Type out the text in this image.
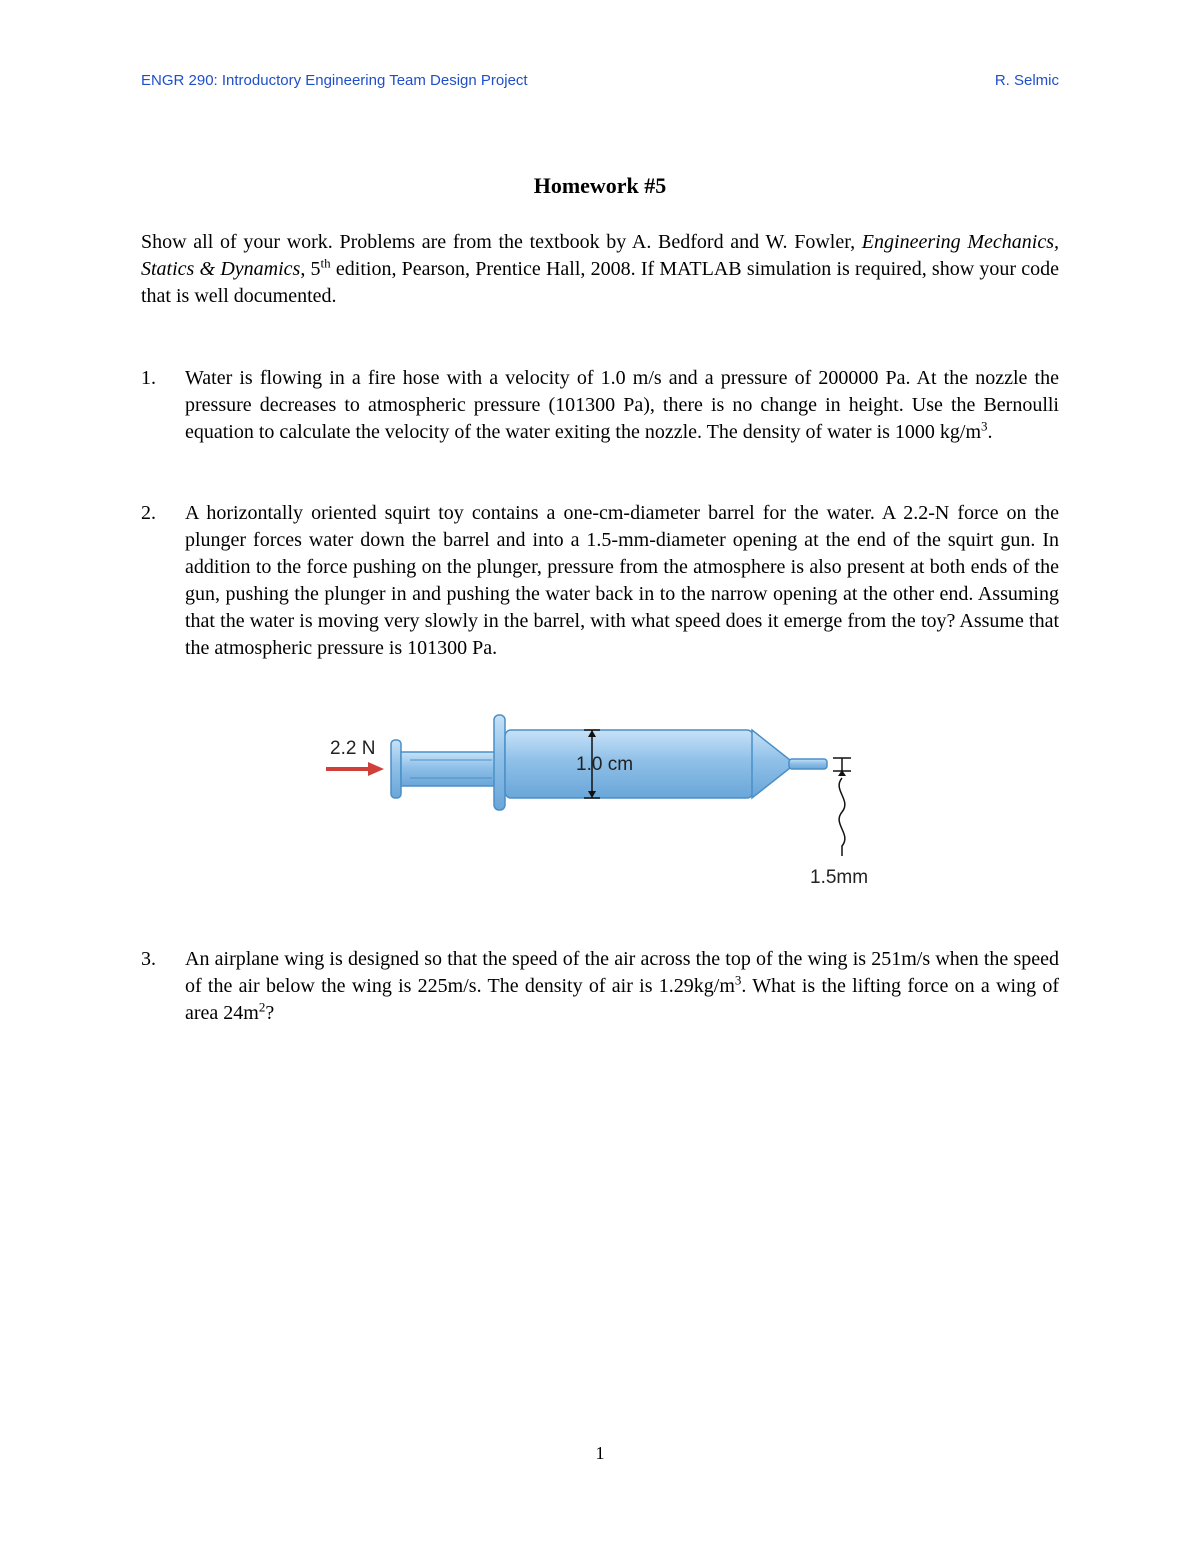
ENGR 290: Introductory Engineering Team Design Project	R. Selmic
Homework #5
Show all of your work. Problems are from the textbook by A. Bedford and W. Fowler, Engineering Mechanics, Statics & Dynamics, 5th edition, Pearson, Prentice Hall, 2008. If MATLAB simulation is required, show your code that is well documented.
1. Water is flowing in a fire hose with a velocity of 1.0 m/s and a pressure of 200000 Pa. At the nozzle the pressure decreases to atmospheric pressure (101300 Pa), there is no change in height. Use the Bernoulli equation to calculate the velocity of the water exiting the nozzle. The density of water is 1000 $kg/m^3$.
2. A horizontally oriented squirt toy contains a one-cm-diameter barrel for the water. A 2.2-N force on the plunger forces water down the barrel and into a 1.5-mm-diameter opening at the end of the squirt gun. In addition to the force pushing on the plunger, pressure from the atmosphere is also present at both ends of the gun, pushing the plunger in and pushing the water back in to the narrow opening at the other end. Assuming that the water is moving very slowly in the barrel, with what speed does it emerge from the toy? Assume that the atmospheric pressure is 101300 Pa.
2.2 N
1.0 cm
1.5mm
3. An airplane wing is designed so that the speed of the air across the top of the wing is 251m/s when the speed of the air below the wing is 225m/s. The density of air is $1.29kg/m^3$. What is the lifting force on a wing of area $24m^2$?
1
